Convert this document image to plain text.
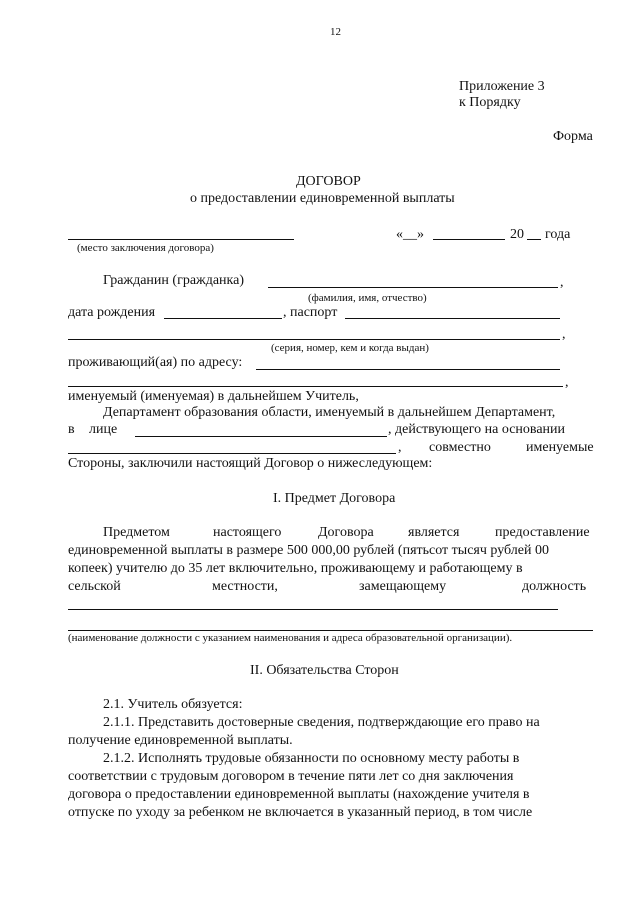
12
Приложение 3
к Порядку
Форма
ДОГОВОР
о предоставлении единовременной выплаты
«__»	20 года
(место заключения договора)
Гражданин (гражданка)	,
(фамилия, имя, отчество)
дата рождения	, паспорт
,
(серия, номер, кем и когда выдан)
проживающий(ая) по адресу:
,
именуемый (именуемая) в дальнейшем Учитель,
Департамент образования области, именуемый в дальнейшем Департамент,
в лице	, действующего на основании
, совместно	именуемые
Стороны, заключили настоящий Договор о нижеследующем:
I. Предмет Договора
Предметом	настоящего	Договора является	предоставление
единовременной выплаты в размере 500 000,00 рублей (пятьсот тысяч рублей 00
копеек) учителю до 35 лет включительно, проживающему и работающему в
сельской	местности,	замещающему	должность
(наименование должности с указанием наименования и адреса образовательной организации).
II. Обязательства Сторон
2.1. Учитель обязуется:
2.1.1. Представить достоверные сведения, подтверждающие его право на
получение единовременной выплаты.
2.1.2. Исполнять трудовые обязанности по основному месту работы в
соответствии с трудовым договором в течение пяти лет со дня заключения
договора о предоставлении единовременной выплаты (нахождение учителя в
отпуске по уходу за ребенком не включается в указанный период, в том числе
